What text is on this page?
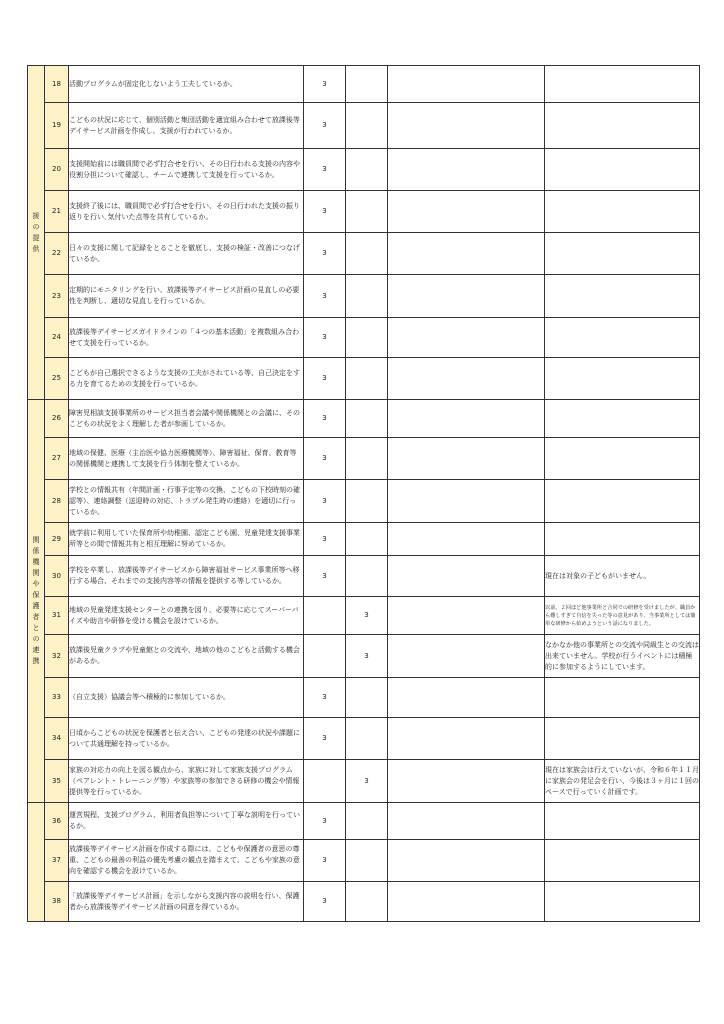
援の提供	18	活動プログラムが固定化しないよう工夫しているか。	3			
	19	こどもの状況に応じて、個別活動と集団活動を適宜組み合わせて放課後等デイサービス計画を作成し、支援が行われているか。	3			
	20	支援開始前には職員間で必ず打合せを行い、その日行われる支援の内容や役割分担について確認し、チームで連携して支援を行っているか。	3			
	21	支援終了後には、職員間で必ず打合せを行い、その日行われた支援の振り返りを行い､気付いた点等を共有しているか。	3			
	22	日々の支援に関して記録をとることを徹底し、支援の検証・改善につなげているか。	3			
	23	定期的にモニタリングを行い、放課後等デイサービス計画の見直しの必要性を判断し、適切な見直しを行っているか。	3			
	24	放課後等デイサービスガイドラインの「４つの基本活動」を複数組み合わせて支援を行っているか。	3			
	25	こどもが自己選択できるような支援の工夫がされている等、自己決定をする力を育てるための支援を行っているか。	3			

関係機関や保護者との連携	26	障害児相談支援事業所のサービス担当者会議や関係機関との会議に、そのこどもの状況をよく理解した者が参画しているか。	3			
	27	地域の保健、医療（主治医や協力医療機関等）、障害福祉、保育、教育等の関係機関と連携して支援を行う体制を整えているか。	3			
	28	学校との情報共有（年間計画・行事予定等の交換、こどもの下校時刻の確認等）、連絡調整（送迎時の対応、トラブル発生時の連絡）を適切に行っているか。	3			
	29	就学前に利用していた保育所や幼稚園、認定こども園、児童発達支援事業所等との間で情報共有と相互理解に努めているか。	3			
	30	学校を卒業し、放課後等デイサービスから障害福祉サービス事業所等へ移行する場合、それまでの支援内容等の情報を提供する等しているか。	3			現在は対象の子どもがいません。
	31	地域の児童発達支援センターとの連携を図り、必要等に応じてスーパーバイズや助言や研修を受ける機会を設けているか。		3		以前、２回ほど他事業所と合同での研修を受けましたが、職員から難しすぎて自信を失った等の意見があり、当事業所としては簡単な研修から始めようという話になりました。
	32	放課後児童クラブや児童館との交流や、地域の他のこどもと活動する機会があるか。		3		なかなか他の事業所との交流や同級生との交流は出来ていません。学校が行うイベントには積極的に参加するようにしています。
	33	（自立支援）協議会等へ積極的に参加しているか。	3			
	34	日頃からこどもの状況を保護者と伝え合い、こどもの発達の状況や課題について共通理解を持っているか。	3			
	35	家族の対応力の向上を図る観点から、家族に対して家族支援プログラム（ペアレント・トレーニング等）や家族等の参加できる研修の機会や情報提供等を行っているか。		3		現在は家族会は行えていないが、令和６年１１月に家族会の発足会を行い、今後は３ヶ月に１回のペースで行っていく計画です。

	36	運営規程、支援プログラム、利用者負担等について丁寧な説明を行っているか。	3			
	37	放課後等デイサービス計画を作成する際には、こどもや保護者の意思の尊重、こどもの最善の利益の優先考慮の観点を踏まえて、こどもや家族の意向を確認する機会を設けているか。	3			
	38	「放課後等デイサービス計画」を示しながら支援内容の説明を行い、保護者から放課後等デイサービス計画の同意を得ているか。	3			
